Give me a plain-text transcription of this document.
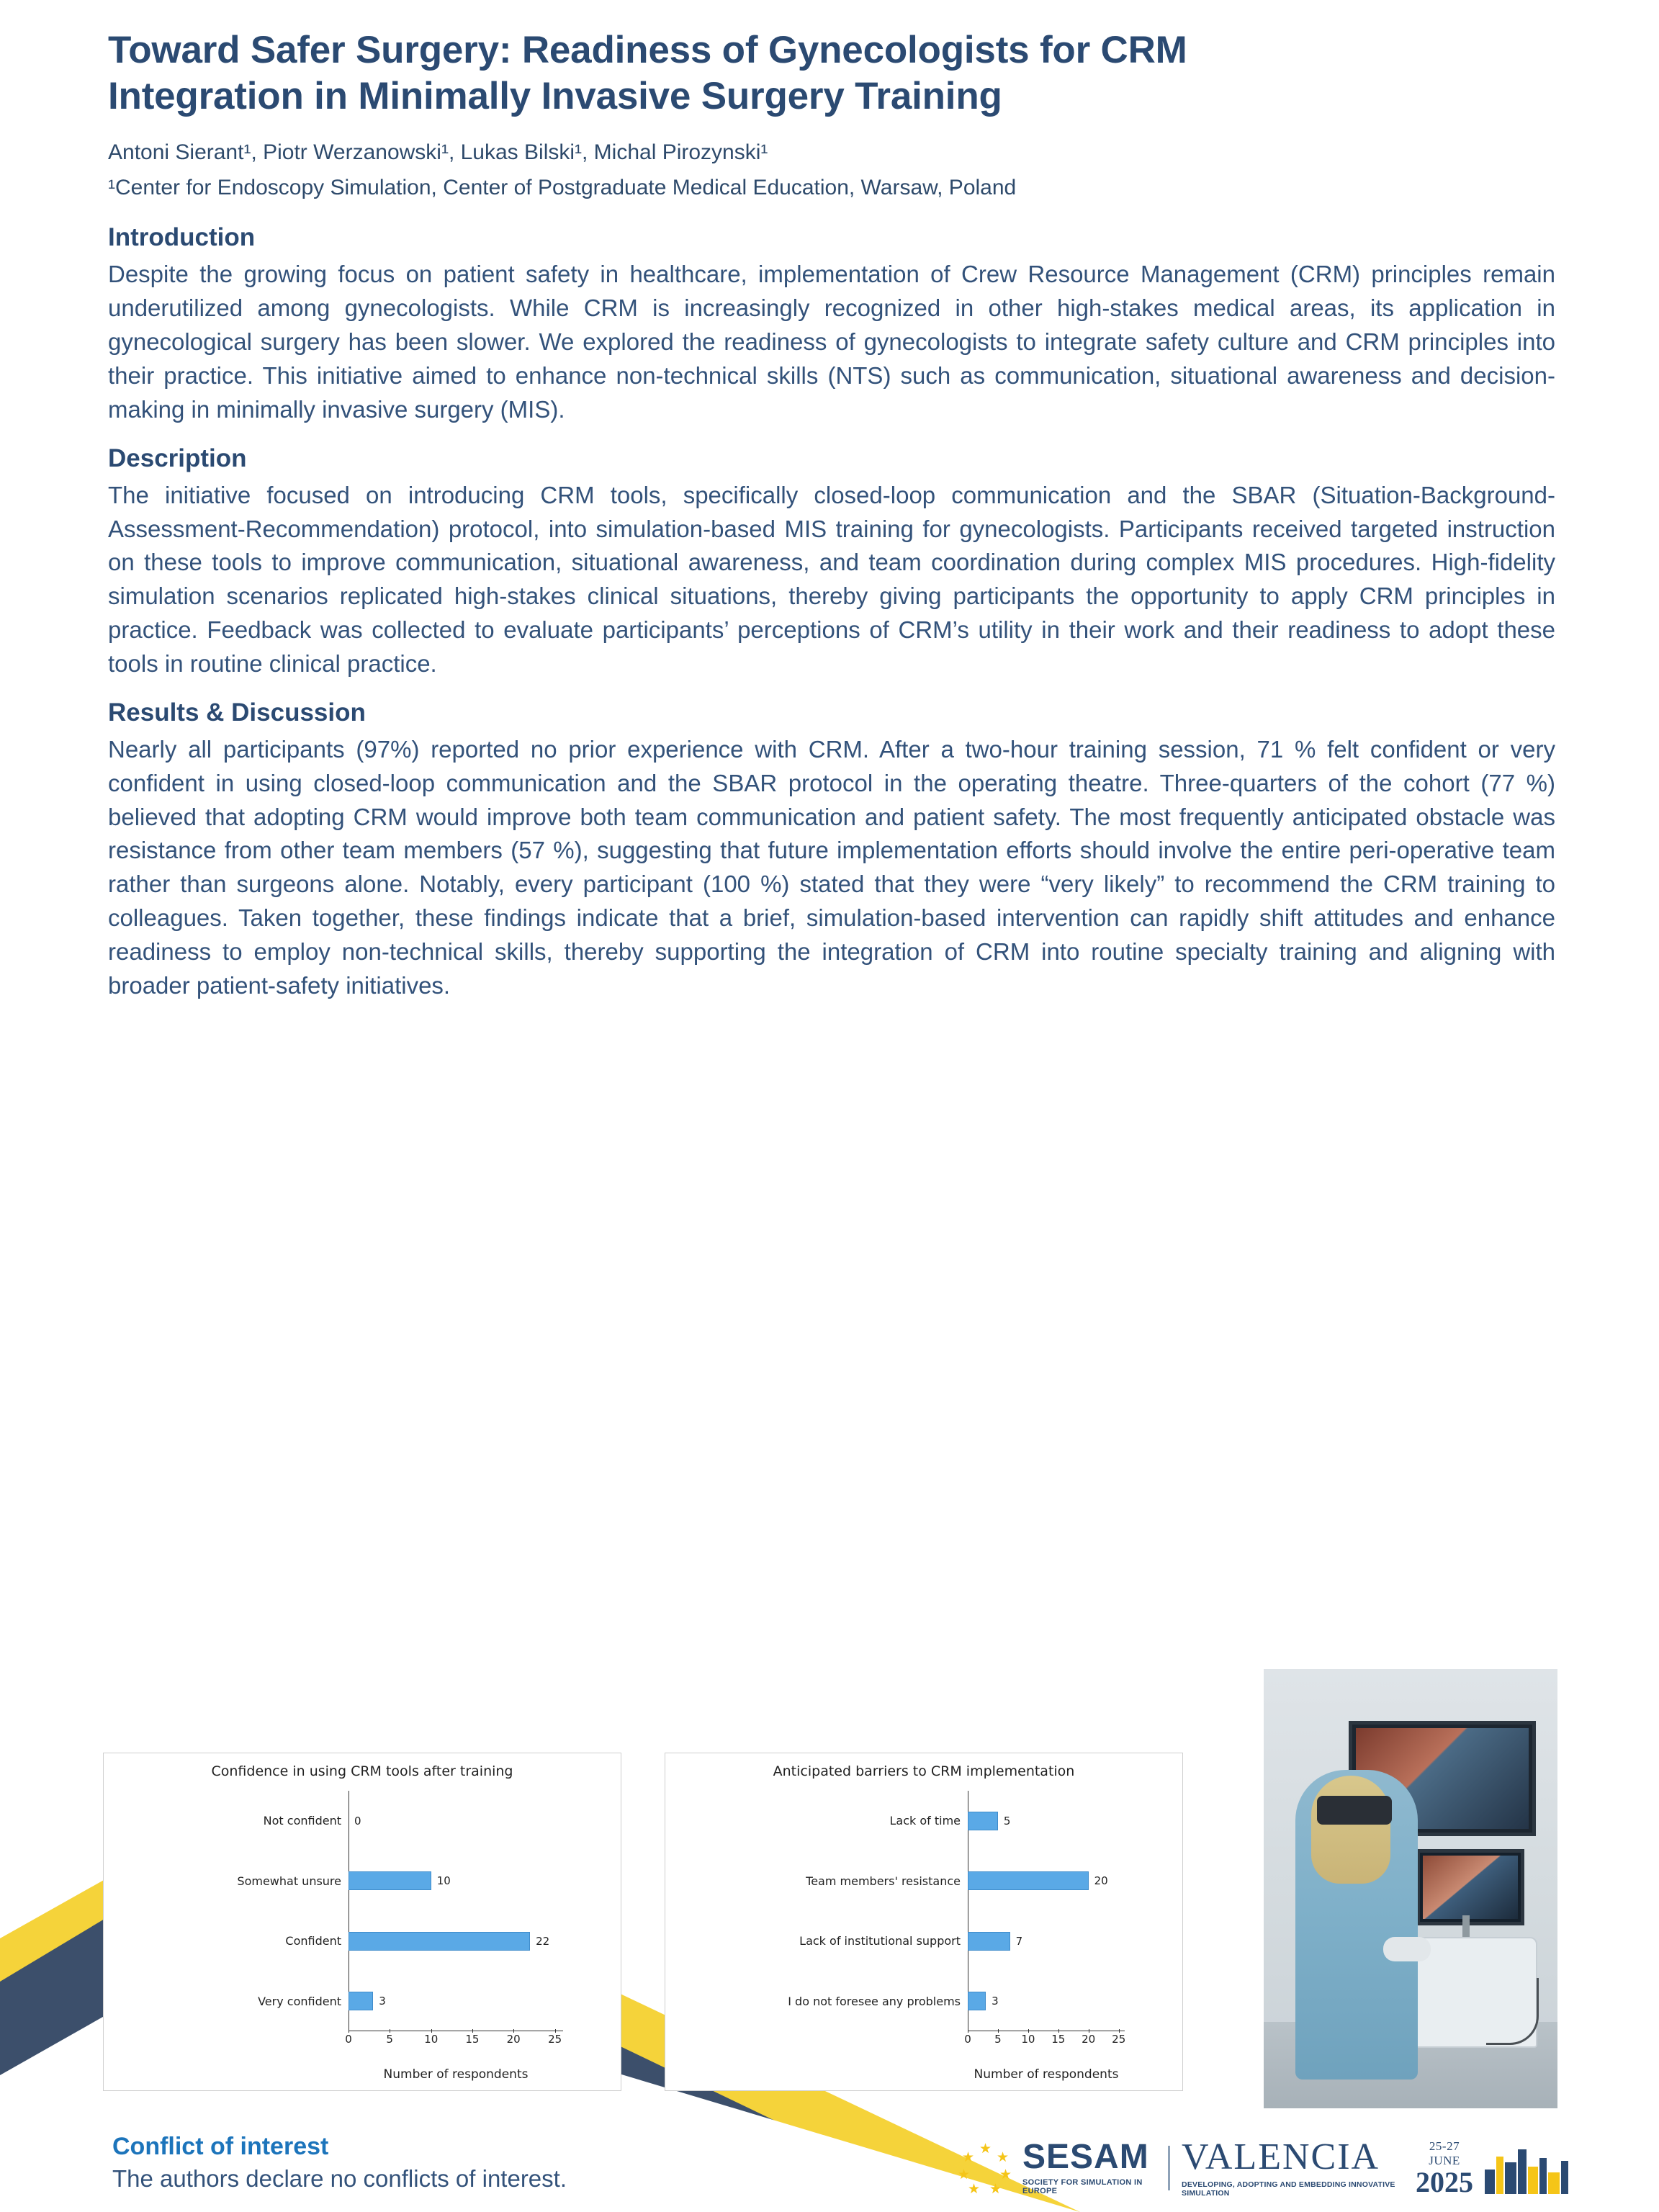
Toward Safer Surgery: Readiness of Gynecologists for CRM
Integration in Minimally Invasive Surgery Training
Antoni Sierant¹, Piotr Werzanowski¹, Lukas Bilski¹, Michal Pirozynski¹
¹Center for Endoscopy Simulation, Center of Postgraduate Medical Education, Warsaw, Poland
Introduction

Despite the growing focus on patient safety in healthcare, implementation of Crew Resource Management (CRM) principles remain underutilized among gynecologists. While CRM is increasingly recognized in other high-stakes medical areas, its application in gynecological surgery has been slower. We explored the readiness of gynecologists to integrate safety culture and CRM principles into their practice. This initiative aimed to enhance non-technical skills (NTS) such as communication, situational awareness and decision-making in minimally invasive surgery (MIS).

Description

The initiative focused on introducing CRM tools, specifically closed-loop communication and the SBAR (Situation-Background-Assessment-Recommendation) protocol, into simulation-based MIS training for gynecologists. Participants received targeted instruction on these tools to improve communication, situational awareness, and team coordination during complex MIS procedures. High-fidelity simulation scenarios replicated high-stakes clinical situations, thereby giving participants the opportunity to apply CRM principles in practice. Feedback was collected to evaluate participants’ perceptions of CRM’s utility in their work and their readiness to adopt these tools in routine clinical practice.

Results & Discussion

Nearly all participants (97%) reported no prior experience with CRM. After a two-hour training session, 71 % felt confident or very confident in using closed-loop communication and the SBAR protocol in the operating theatre. Three-quarters of the cohort (77 %) believed that adopting CRM would improve both team communication and patient safety. The most frequently anticipated obstacle was resistance from other team members (57 %), suggesting that future implementation efforts should involve the entire peri-operative team rather than surgeons alone. Notably, every participant (100 %) stated that they were “very likely” to recommend the CRM training to colleagues. Taken together, these findings indicate that a brief, simulation-based intervention can rapidly shift attitudes and enhance readiness to employ non-technical skills, thereby supporting the integration of CRM into routine specialty training and aligning with broader patient-safety initiatives.

Confidence in using CRM tools after training
Not confident	0
Somewhat unsure	10
Confident	22
Very confident	3
0	5	10	15	20	25
Number of respondents
Anticipated barriers to CRM implementation
Lack of time	5
Team members' resistance	20
Lack of institutional support	7
I do not foresee any problems	3
0 5 10 15 20 25
Number of respondents
Conflict of interest

The authors declare no conflicts of interest.

★
★ ★
★ ★
★ ★
SESAM
SOCIETY FOR SIMULATION IN EUROPE
VALENCIA
DEVELOPING, ADOPTING AND EMBEDDING INNOVATIVE SIMULATION
25-27 JUNE
2025
